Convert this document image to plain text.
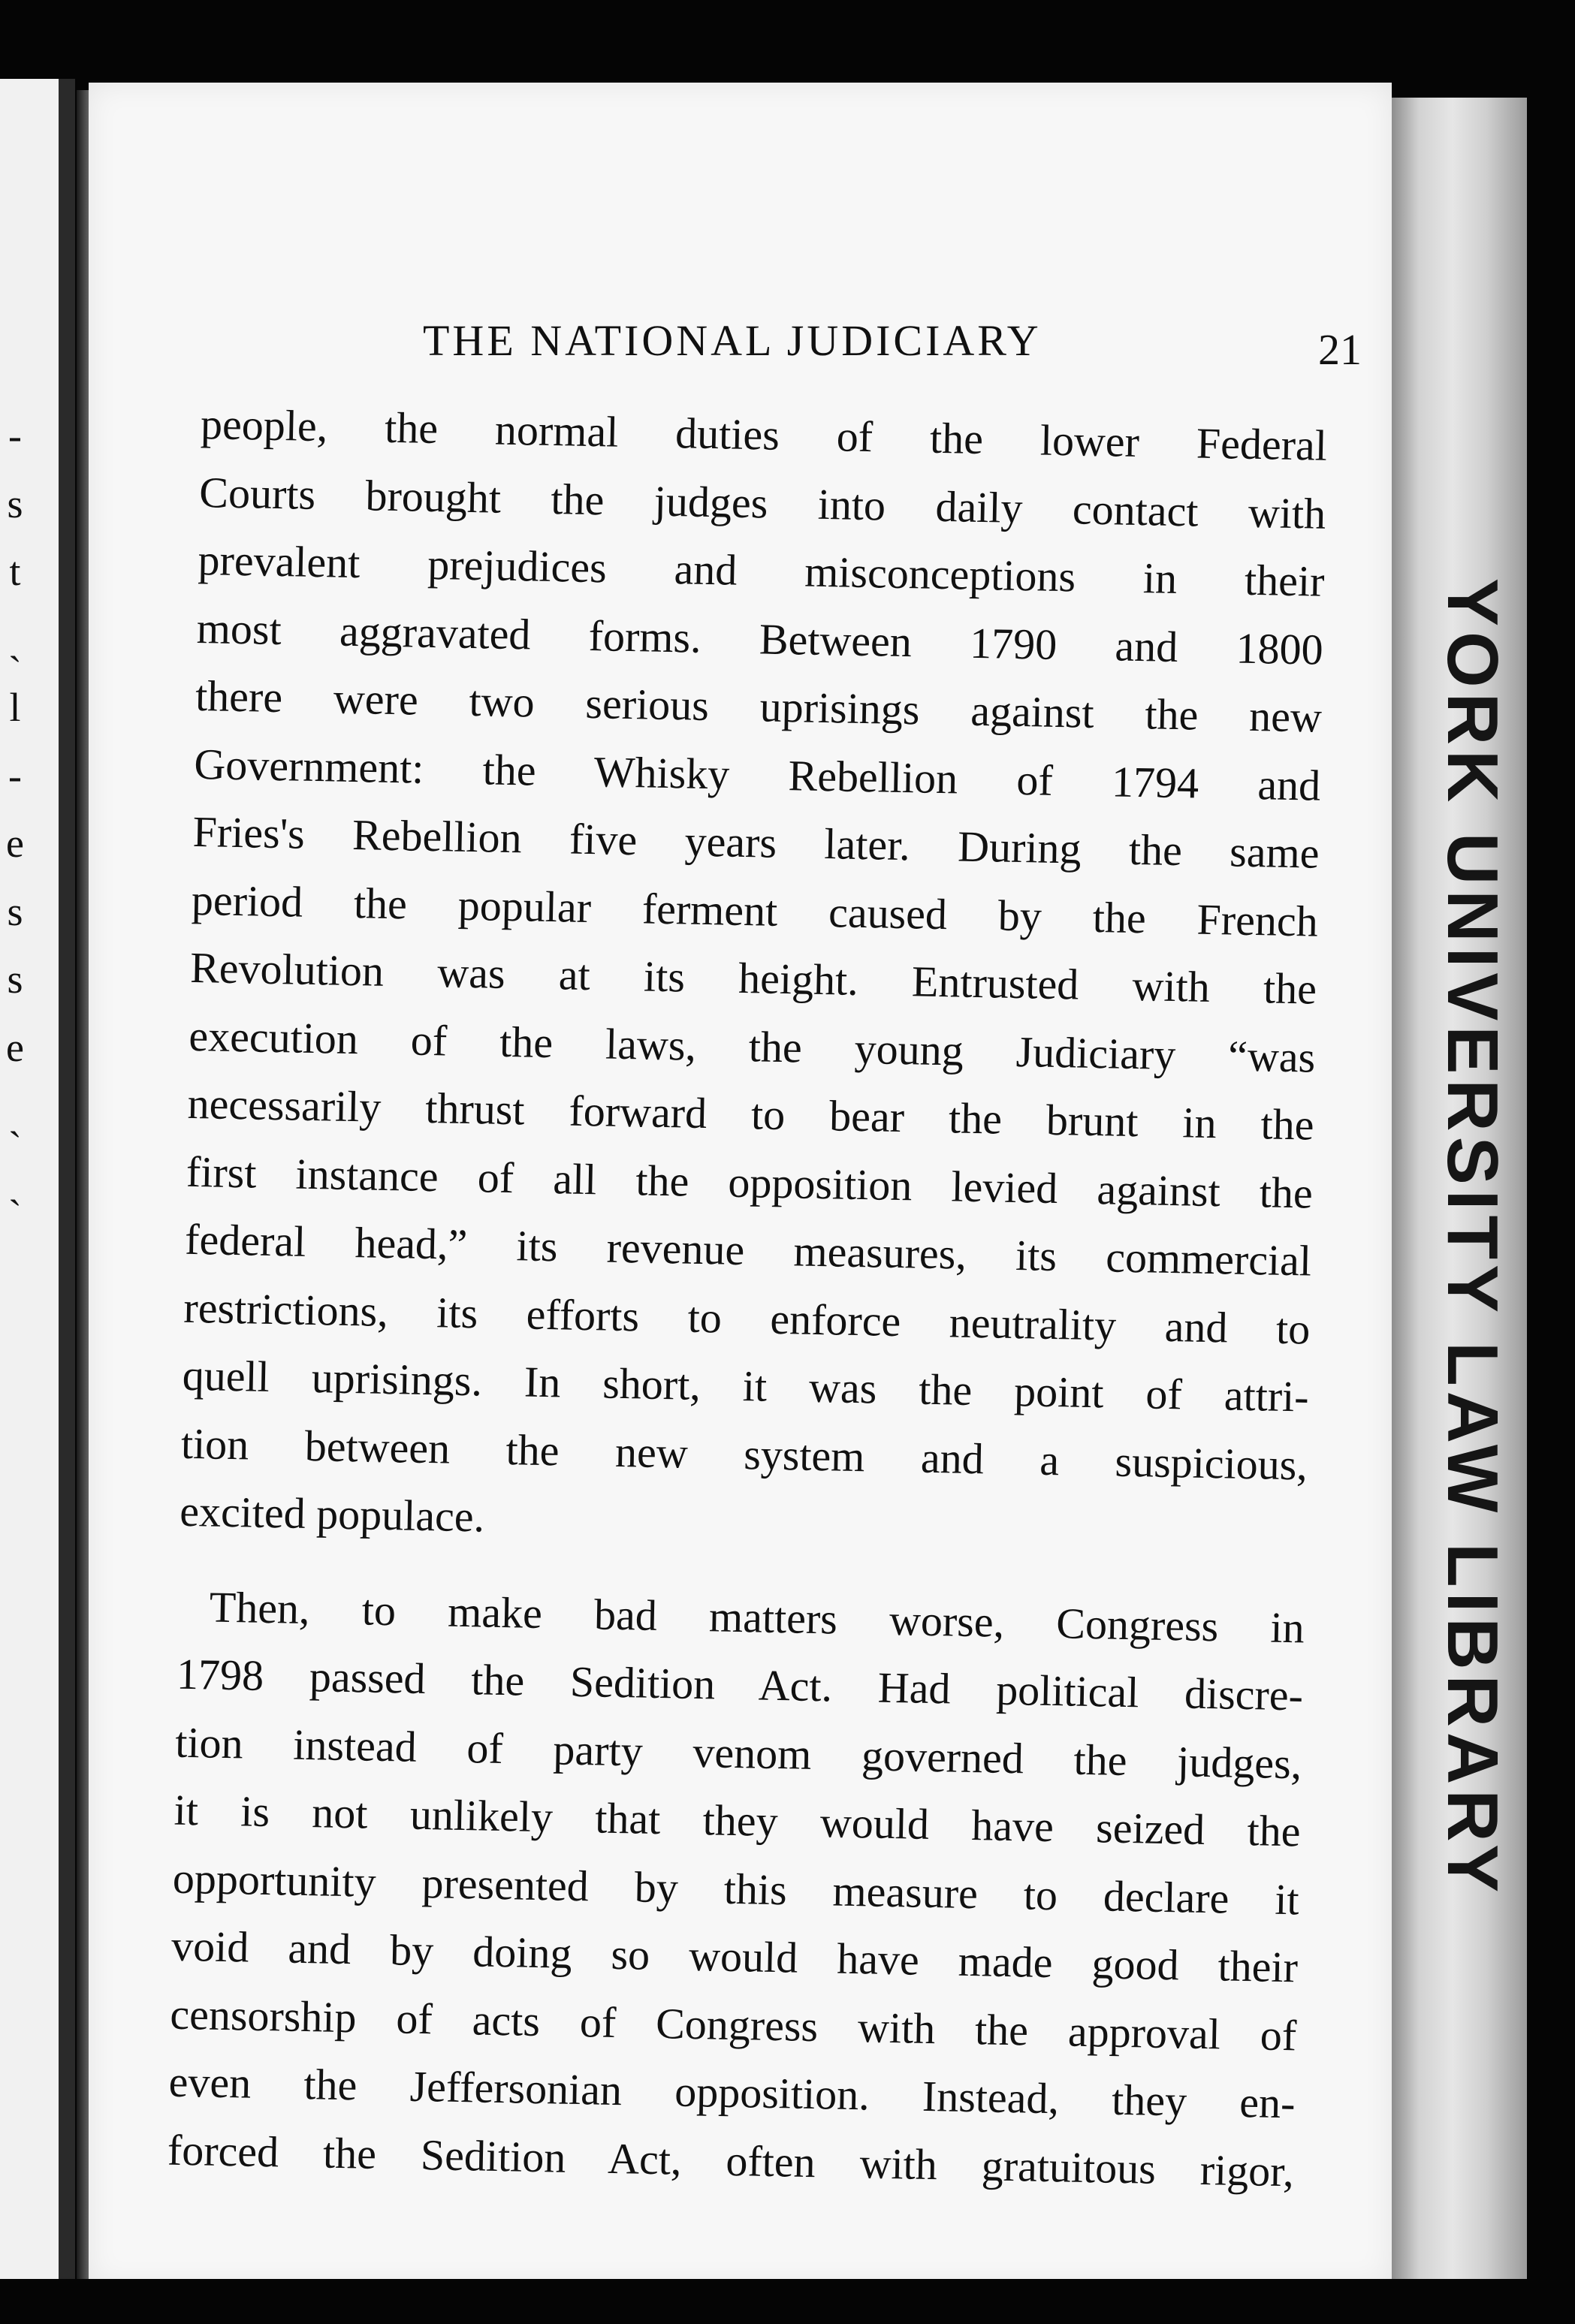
-
s
t
ˎ
l
-
e
s
s
e
ˎ
ˎ
THE NATIONAL JUDICIARY	21

people, the normal duties of the lower Federal
Courts brought the judges into daily contact with
prevalent prejudices and misconceptions in their
most aggravated forms. Between 1790 and 1800
there were two serious uprisings against the new
Government: the Whisky Rebellion of 1794 and
Fries's Rebellion five years later. During the same
period the popular ferment caused by the French
Revolution was at its height. Entrusted with the
execution of the laws, the young Judiciary “was
necessarily thrust forward to bear the brunt in the
first instance of all the opposition levied against the
federal head,” its revenue measures, its commercial
restrictions, its efforts to enforce neutrality and to
quell uprisings. In short, it was the point of attri-
tion between the new system and a suspicious,
excited populace.

Then, to make bad matters worse, Congress in
1798 passed the Sedition Act. Had political discre-
tion instead of party venom governed the judges,
it is not unlikely that they would have seized the
opportunity presented by this measure to declare it
void and by doing so would have made good their
censorship of acts of Congress with the approval of
even the Jeffersonian opposition. Instead, they en-
forced the Sedition Act, often with gratuitous rigor,

YORK UNIVERSITY LAW LIBRARY
